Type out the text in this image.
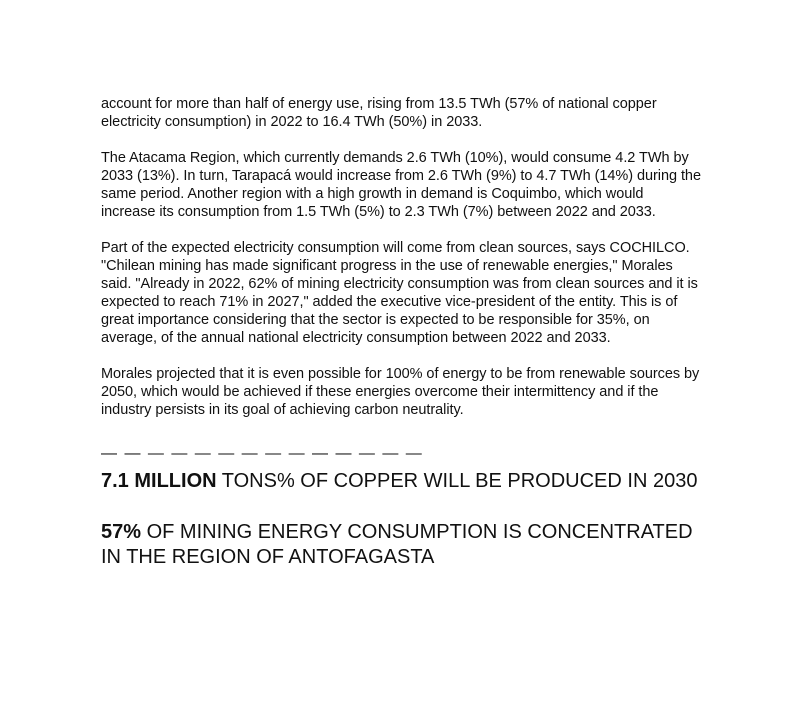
account for more than half of energy use, rising from 13.5 TWh (57% of national copper electricity consumption) in 2022 to 16.4 TWh (50%) in 2033.

The Atacama Region, which currently demands 2.6 TWh (10%), would consume 4.2 TWh by 2033 (13%). In turn, Tarapacá would increase from 2.6 TWh (9%) to 4.7 TWh (14%) during the same period. Another region with a high growth in demand is Coquimbo, which would increase its consumption from 1.5 TWh (5%) to 2.3 TWh (7%) between 2022 and 2033.

Part of the expected electricity consumption will come from clean sources, says COCHILCO. "Chilean mining has made significant progress in the use of renewable energies," Morales said. "Already in 2022, 62% of mining electricity consumption was from clean sources and it is expected to reach 71% in 2027," added the executive vice-president of the entity. This is of great importance considering that the sector is expected to be responsible for 35%, on average, of the annual national electricity consumption between 2022 and 2033.

Morales projected that it is even possible for 100% of energy to be from renewable sources by 2050, which would be achieved if these energies overcome their intermittency and if the industry persists in its goal of achieving carbon neutrality.

— — — — — — — — — — — — — —

7.1 MILLION TONS% OF COPPER WILL BE PRODUCED IN 2030

57% OF MINING ENERGY CONSUMPTION IS CONCENTRATED IN THE REGION OF ANTOFAGASTA
